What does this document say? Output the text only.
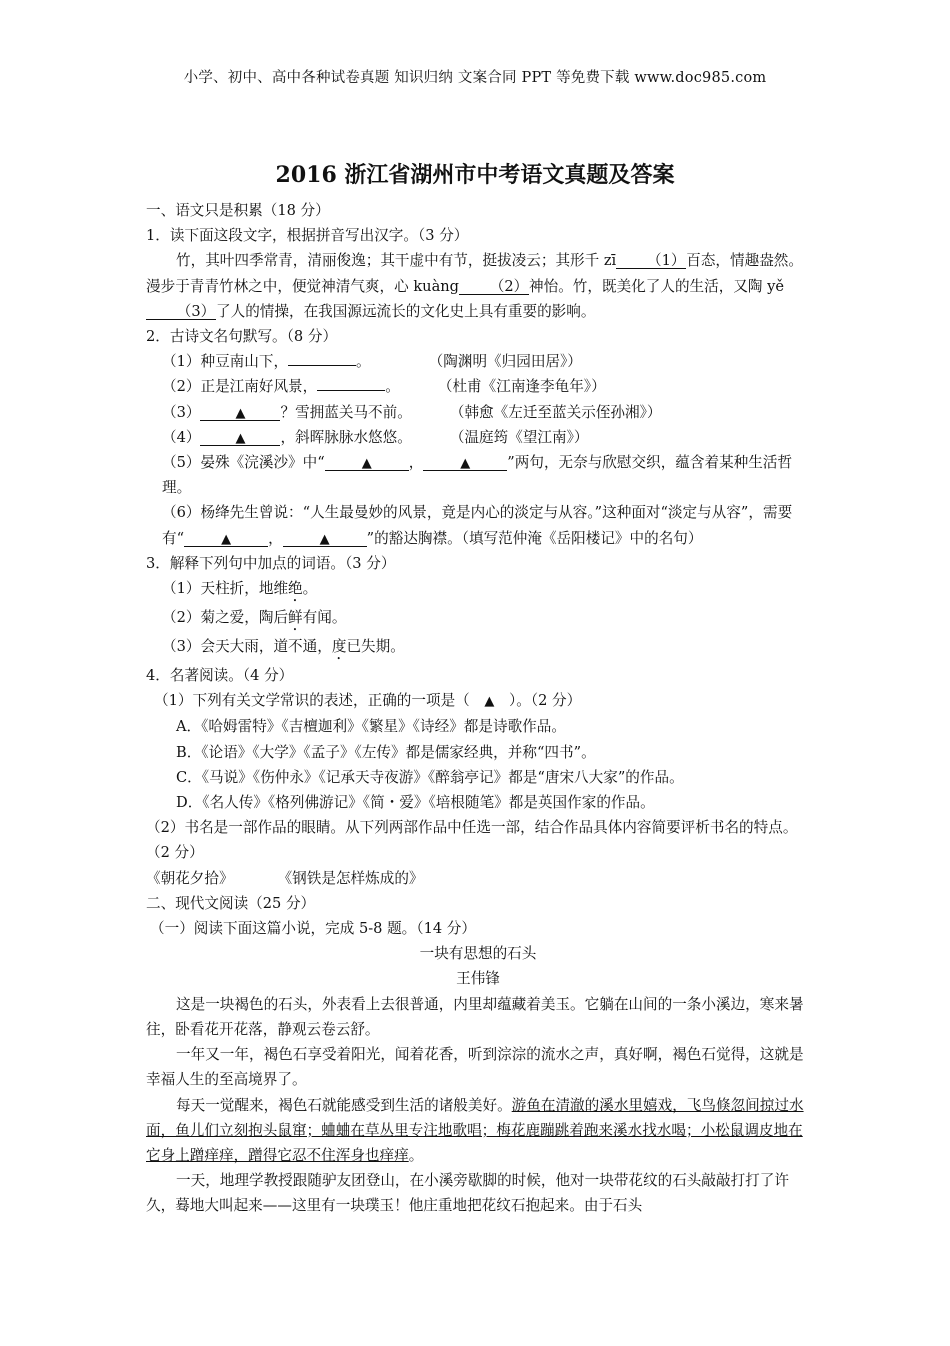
小学、初中、高中各种试卷真题 知识归纳 文案合同 PPT 等免费下载 www.doc985.com
2016 浙江省湖州市中考语文真题及答案

一、语文只是积累（18 分）

1．读下面这段文字，根据拼音写出汉字。（3 分）

竹，其叶四季常青，清丽俊逸；其干虚中有节，挺拔凌云；其形千 zī （1）百态，情趣盎然。漫步于青青竹林之中，便觉神清气爽，心 kuàng （2）神怡。竹，既美化了人的生活，又陶 yě（3）了人的情操，在我国源远流长的文化史上具有重要的影响。

2．古诗文名句默写。（8 分）

（1）种豆南山下，	。	（陶渊明《归园田居》）

（2）正是江南好风景，	。	（杜甫《江南逢李龟年》）

（3）	▲ ？雪拥蓝关马不前。	（韩愈《左迁至蓝关示侄孙湘》）

（4）	▲ ，斜晖脉脉水悠悠。	（温庭筠《望江南》）

（5）晏殊《浣溪沙》中“	▲	，	▲	”两句，无奈与欣慰交织，蕴含着某种生活哲理。

（6）杨绛先生曾说：“人生最曼妙的风景，竟是内心的淡定与从容。”这种面对“淡定与从容”，需要有“	▲	，	▲	”的豁达胸襟。（填写范仲淹《岳阳楼记》中的名句）

3．解释下列句中加点的词语。（3 分）

（1）天柱折，地维绝。

（2）菊之爱，陶后鲜有闻。

（3）会天大雨，道不通，度已失期。

4．名著阅读。（4 分）

（1）下列有关文学常识的表述，正确的一项是（　▲　）。（2 分）

A．《哈姆雷特》《吉檀迦利》《繁星》《诗经》都是诗歌作品。

B．《论语》《大学》《孟子》《左传》都是儒家经典，并称“四书”。

C．《马说》《伤仲永》《记承天寺夜游》《醉翁亭记》都是“唐宋八大家”的作品。

D．《名人传》《格列佛游记》《简・爱》《培根随笔》都是英国作家的作品。

（2）书名是一部作品的眼睛。从下列两部作品中任选一部，结合作品具体内容简要评析书名的特点。（2 分）

《朝花夕拾》	《钢铁是怎样炼成的》

二、现代文阅读（25 分）

（一）阅读下面这篇小说，完成 5-8 题。（14 分）

一块有思想的石头

王伟锋

这是一块褐色的石头，外表看上去很普通，内里却蕴藏着美玉。它躺在山间的一条小溪边，寒来暑往，卧看花开花落，静观云卷云舒。

一年又一年，褐色石享受着阳光，闻着花香，听到淙淙的流水之声，真好啊，褐色石觉得，这就是幸福人生的至高境界了。

每天一觉醒来，褐色石就能感受到生活的诸般美好。游鱼在清澈的溪水里嬉戏，飞鸟倏忽间掠过水面，鱼儿们立刻抱头鼠窜；蛐蛐在草丛里专注地歌唱；梅花鹿蹦跳着跑来溪水找水喝；小松鼠调皮地在它身上蹭痒痒，蹭得它忍不住浑身也痒痒。

一天，地理学教授跟随驴友团登山，在小溪旁歇脚的时候，他对一块带花纹的石头敲敲打打了许久，蓦地大叫起来——这里有一块璞玉！他庄重地把花纹石抱起来。由于石头
